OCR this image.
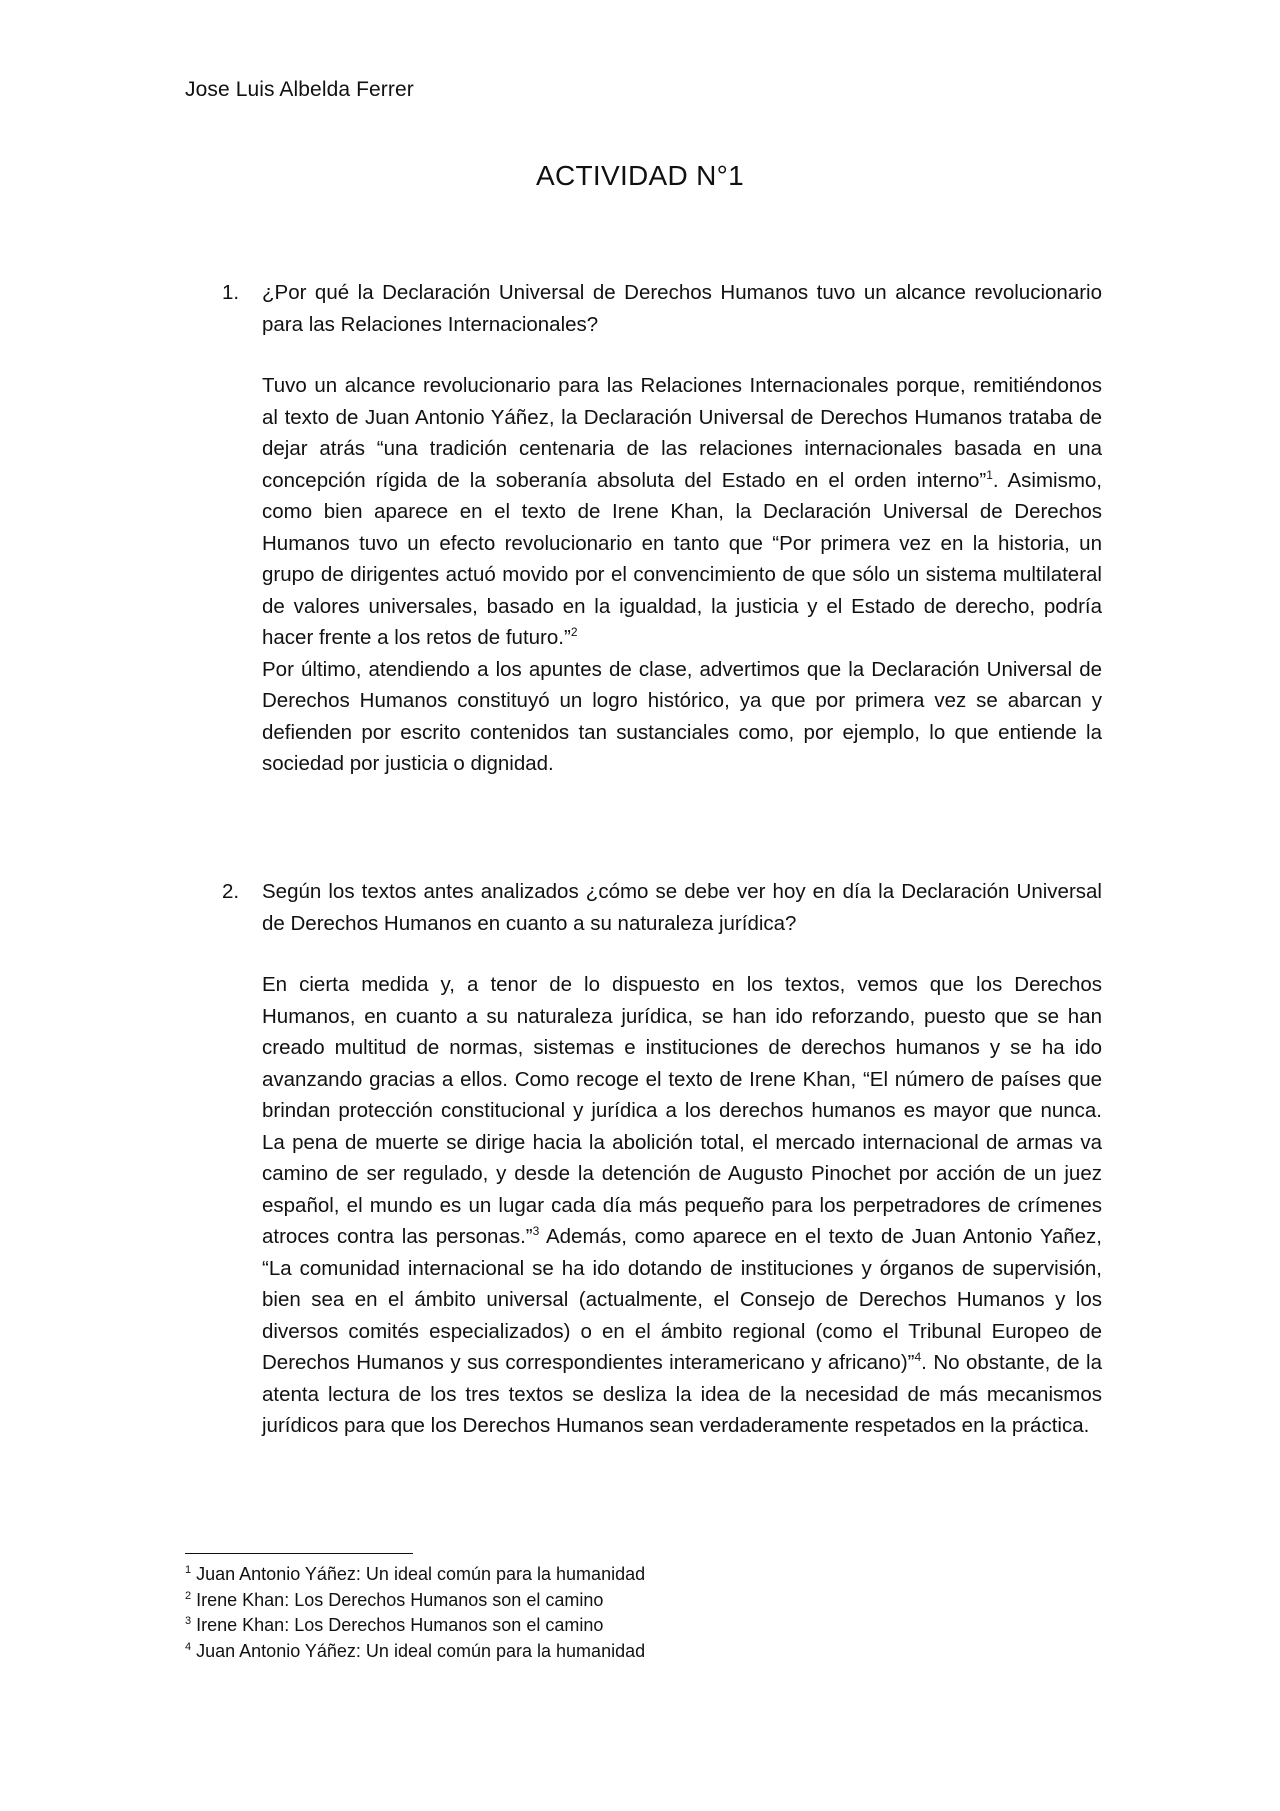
Jose Luis Albelda Ferrer
ACTIVIDAD N°1
1. ¿Por qué la Declaración Universal de Derechos Humanos tuvo un alcance revolucionario para las Relaciones Internacionales?

Tuvo un alcance revolucionario para las Relaciones Internacionales porque, remitiéndonos al texto de Juan Antonio Yáñez, la Declaración Universal de Derechos Humanos trataba de dejar atrás “una tradición centenaria de las relaciones internacionales basada en una concepción rígida de la soberanía absoluta del Estado en el orden interno”$^1$. Asimismo, como bien aparece en el texto de Irene Khan, la Declaración Universal de Derechos Humanos tuvo un efecto revolucionario en tanto que “Por primera vez en la historia, un grupo de dirigentes actuó movido por el convencimiento de que sólo un sistema multilateral de valores universales, basado en la igualdad, la justicia y el Estado de derecho, podría hacer frente a los retos de futuro.”$^2$

Por último, atendiendo a los apuntes de clase, advertimos que la Declaración Universal de Derechos Humanos constituyó un logro histórico, ya que por primera vez se abarcan y defienden por escrito contenidos tan sustanciales como, por ejemplo, lo que entiende la sociedad por justicia o dignidad.

2. Según los textos antes analizados ¿cómo se debe ver hoy en día la Declaración Universal de Derechos Humanos en cuanto a su naturaleza jurídica?

En cierta medida y, a tenor de lo dispuesto en los textos, vemos que los Derechos Humanos, en cuanto a su naturaleza jurídica, se han ido reforzando, puesto que se han creado multitud de normas, sistemas e instituciones de derechos humanos y se ha ido avanzando gracias a ellos. Como recoge el texto de Irene Khan, “El número de países que brindan protección constitucional y jurídica a los derechos humanos es mayor que nunca. La pena de muerte se dirige hacia la abolición total, el mercado internacional de armas va camino de ser regulado, y desde la detención de Augusto Pinochet por acción de un juez español, el mundo es un lugar cada día más pequeño para los perpetradores de crímenes atroces contra las personas.”$^3$ Además, como aparece en el texto de Juan Antonio Yañez, “La comunidad internacional se ha ido dotando de instituciones y órganos de supervisión, bien sea en el ámbito universal (actualmente, el Consejo de Derechos Humanos y los diversos comités especializados) o en el ámbito regional (como el Tribunal Europeo de Derechos Humanos y sus correspondientes interamericano y africano)”$^4$. No obstante, de la atenta lectura de los tres textos se desliza la idea de la necesidad de más mecanismos jurídicos para que los Derechos Humanos sean verdaderamente respetados en la práctica.

$^1$ Juan Antonio Yáñez: Un ideal común para la humanidad
$^2$ Irene Khan: Los Derechos Humanos son el camino
$^3$ Irene Khan: Los Derechos Humanos son el camino
$^4$ Juan Antonio Yáñez: Un ideal común para la humanidad
